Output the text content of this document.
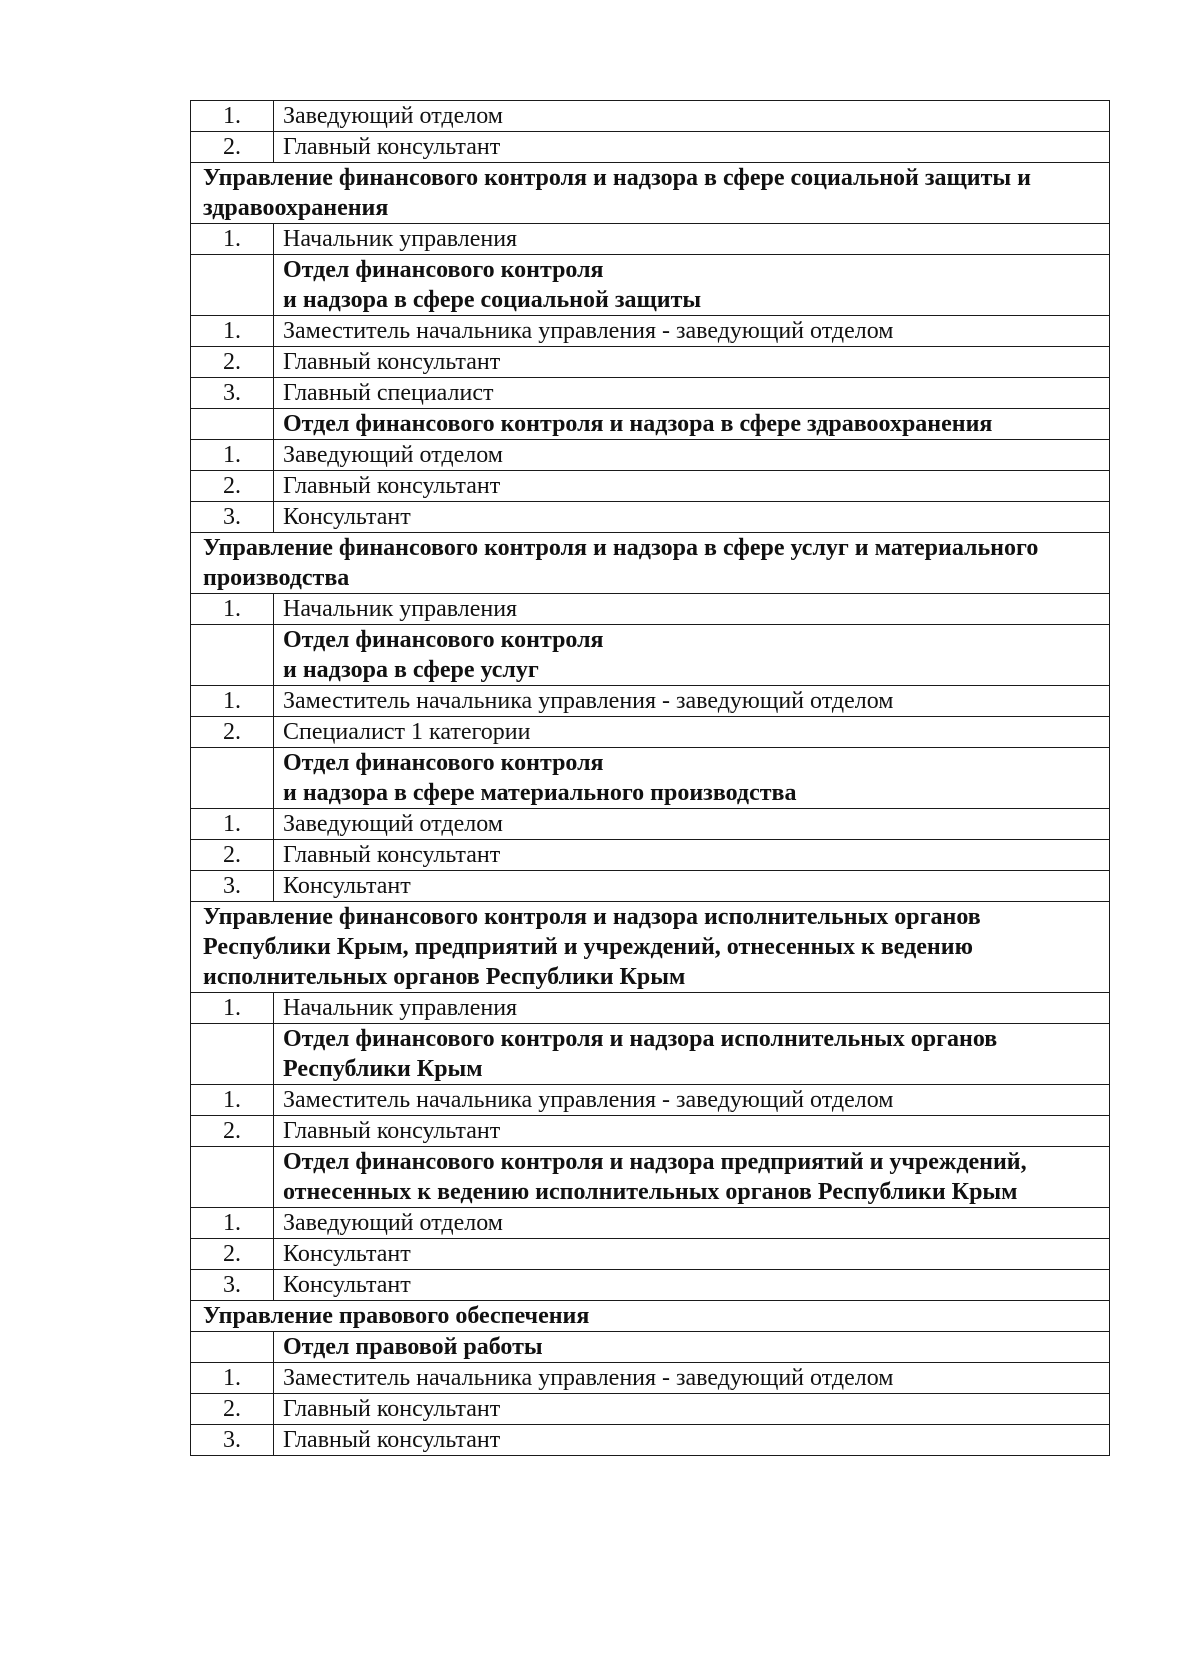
1.	Заведующий отделом
2.	Главный консультант
Управление финансового контроля и надзора в сфере социальной защиты и здравоохранения	
1.	Начальник управления

	Отдел финансового контроля
и надзора в сфере социальной защиты

1.	Заместитель начальника управления - заведующий отделом
2.	Главный консультант
3.	Главный специалист

	Отдел финансового контроля и надзора в сфере здравоохранения

1.	Заведующий отделом
2.	Главный консультант
3.	Консультант
Управление финансового контроля и надзора в сфере услуг и материального производства	
1.	Начальник управления

	Отдел финансового контроля
и надзора в сфере услуг

1.	Заместитель начальника управления - заведующий отделом
2.	Специалист 1 категории

	Отдел финансового контроля
и надзора в сфере материального производства

1.	Заведующий отделом
2.	Главный консультант
3.	Консультант
Управление финансового контроля и надзора исполнительных органов Республики Крым, предприятий и учреждений, отнесенных к ведению исполнительных органов Республики Крым	
1.	Начальник управления

	Отдел финансового контроля и надзора исполнительных органов Республики Крым

1.	Заместитель начальника управления - заведующий отделом
2.	Главный консультант

	Отдел финансового контроля и надзора предприятий и учреждений, отнесенных к ведению исполнительных органов Республики Крым

1.	Заведующий отделом
2.	Консультант
3.	Консультант
Управление правового обеспечения	

	Отдел правовой работы

1.	Заместитель начальника управления - заведующий отделом
2.	Главный консультант
3.	Главный консультант
